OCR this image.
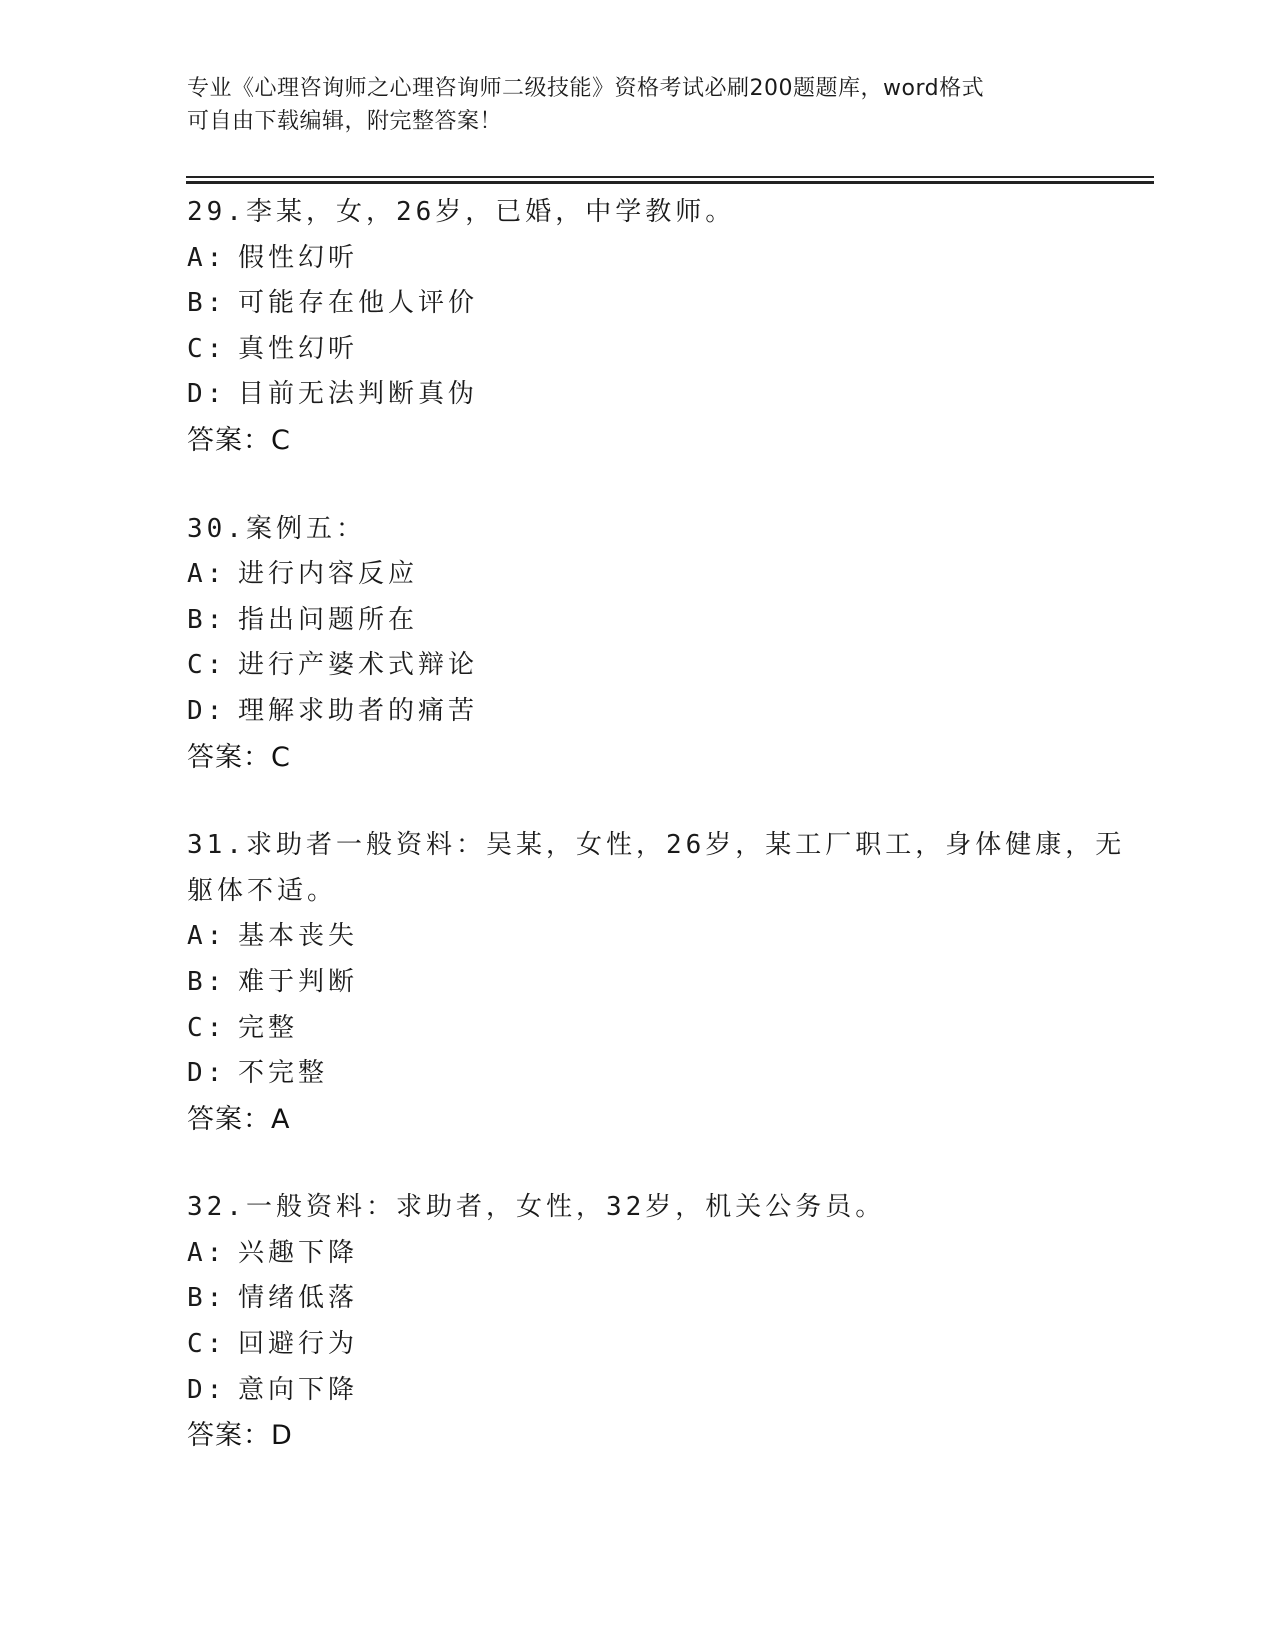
专业《心理咨询师之心理咨询师二级技能》资格考试必刷200题题库，word格式
可自由下载编辑，附完整答案！
29.李某，女，26岁，已婚，中学教师。
A: 假性幻听
B: 可能存在他人评价
C: 真性幻听
D: 目前无法判断真伪
答案：C
30.案例五：
A: 进行内容反应
B: 指出问题所在
C: 进行产婆术式辩论
D: 理解求助者的痛苦
答案：C
31.求助者一般资料：吴某，女性，26岁，某工厂职工，身体健康，无
躯体不适。
A: 基本丧失
B: 难于判断
C: 完整
D: 不完整
答案：A
32.一般资料：求助者，女性，32岁，机关公务员。
A: 兴趣下降
B: 情绪低落
C: 回避行为
D: 意向下降
答案：D
